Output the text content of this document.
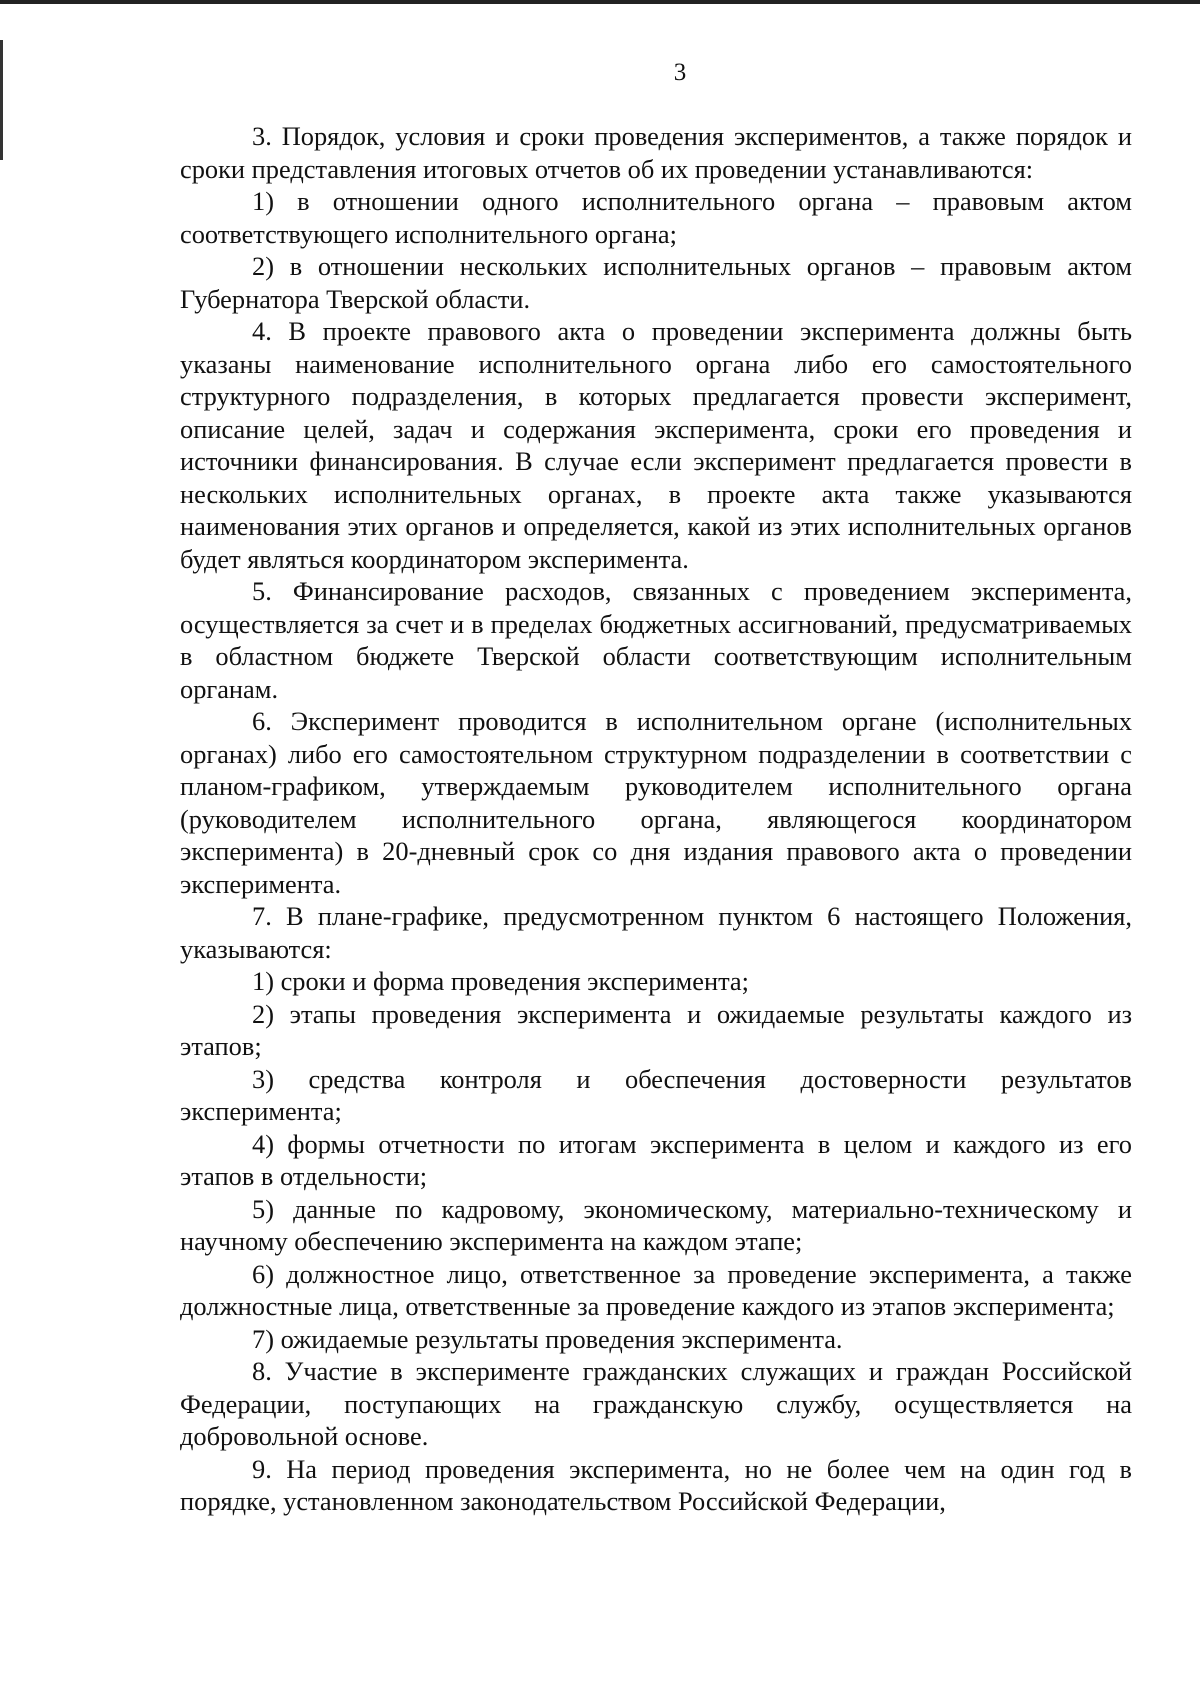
3

3. Порядок, условия и сроки проведения экспериментов, а также порядок и сроки представления итоговых отчетов об их проведении устанавливаются:

1) в отношении одного исполнительного органа – правовым актом соответствующего исполнительного органа;

2) в отношении нескольких исполнительных органов – правовым актом Губернатора Тверской области.

4. В проекте правового акта о проведении эксперимента должны быть указаны наименование исполнительного органа либо его самостоятельного структурного подразделения, в которых предлагается провести эксперимент, описание целей, задач и содержания эксперимента, сроки его проведения и источники финансирования. В случае если эксперимент предлагается провести в нескольких исполнительных органах, в проекте акта также указываются наименования этих органов и определяется, какой из этих исполнительных органов будет являться координатором эксперимента.

5. Финансирование расходов, связанных с проведением эксперимента, осуществляется за счет и в пределах бюджетных ассигнований, предусматриваемых в областном бюджете Тверской области соответствующим исполнительным органам.

6. Эксперимент проводится в исполнительном органе (исполнительных органах) либо его самостоятельном структурном подразделении в соответствии с планом-графиком, утверждаемым руководителем исполнительного органа (руководителем исполнительного органа, являющегося координатором эксперимента) в 20-дневный срок со дня издания правового акта о проведении эксперимента.

7. В плане-графике, предусмотренном пунктом 6 настоящего Положения, указываются:

1) сроки и форма проведения эксперимента;

2) этапы проведения эксперимента и ожидаемые результаты каждого из этапов;

3) средства контроля и обеспечения достоверности результатов эксперимента;

4) формы отчетности по итогам эксперимента в целом и каждого из его этапов в отдельности;

5) данные по кадровому, экономическому, материально-техническому и научному обеспечению эксперимента на каждом этапе;

6) должностное лицо, ответственное за проведение эксперимента, а также должностные лица, ответственные за проведение каждого из этапов эксперимента;

7) ожидаемые результаты проведения эксперимента.

8. Участие в эксперименте гражданских служащих и граждан Российской Федерации, поступающих на гражданскую службу, осуществляется на добровольной основе.

9. На период проведения эксперимента, но не более чем на один год в порядке, установленном законодательством Российской Федерации,
